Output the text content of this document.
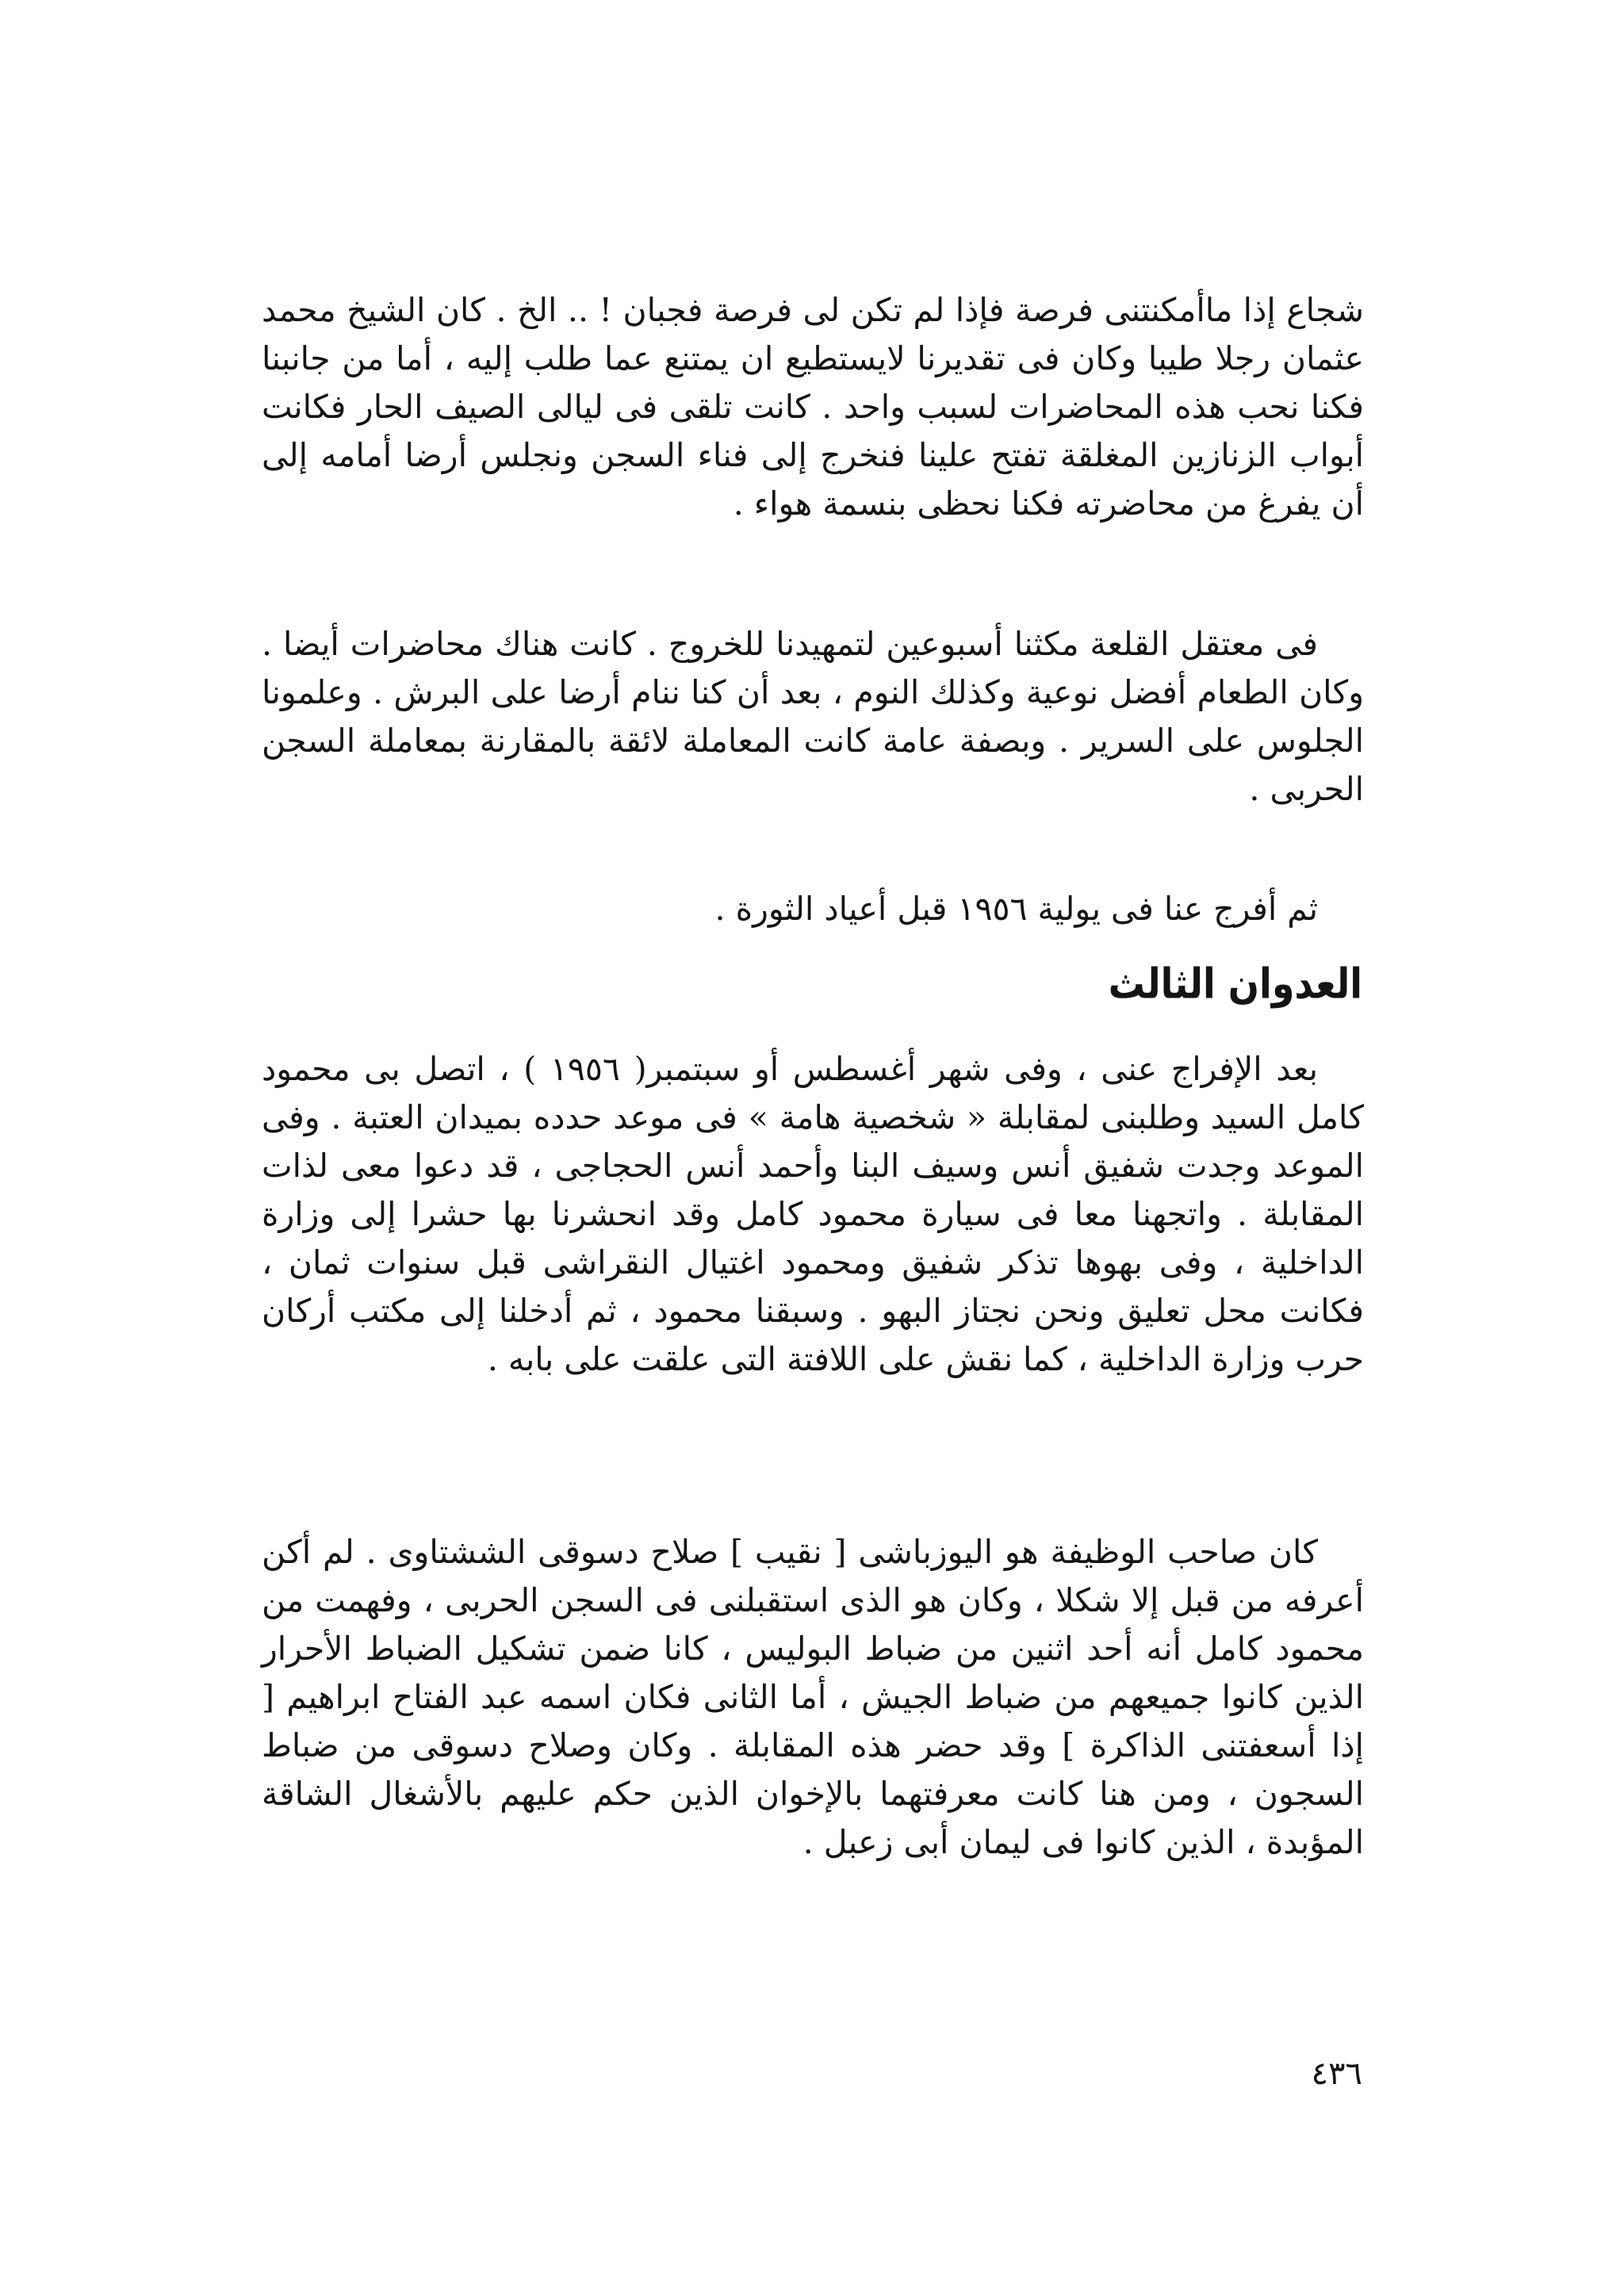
شجاع إذا ماأمكنتنى فرصة فإذا لم تكن لى فرصة فجبان ! .. الخ . كان الشيخ محمد عثمان رجلا طيبا وكان فى تقديرنا لايستطيع ان يمتنع عما طلب إليه ، أما من جانبنا فكنا نحب هذه المحاضرات لسبب واحد . كانت تلقى فى ليالى الصيف الحار فكانت أبواب الزنازين المغلقة تفتح علينا فنخرج إلى فناء السجن ونجلس أرضا أمامه إلى أن يفرغ من محاضرته فكنا نحظى بنسمة هواء .

فى معتقل القلعة مكثنا أسبوعين لتمهيدنا للخروج . كانت هناك محاضرات أيضا . وكان الطعام أفضل نوعية وكذلك النوم ، بعد أن كنا ننام أرضا على البرش . وعلمونا الجلوس على السرير . وبصفة عامة كانت المعاملة لائقة بالمقارنة بمعاملة السجن الحربى .

ثم أفرج عنا فى يولية ١٩٥٦ قبل أعياد الثورة .

العدوان الثالث

بعد الإفراج عنى ، وفى شهر أغسطس أو سبتمبر( ١٩٥٦ ) ، اتصل بى محمود كامل السيد وطلبنى لمقابلة « شخصية هامة » فى موعد حدده بميدان العتبة . وفى الموعد وجدت شفيق أنس وسيف البنا وأحمد أنس الحجاجى ، قد دعوا معى لذات المقابلة . واتجهنا معا فى سيارة محمود كامل وقد انحشرنا بها حشرا إلى وزارة الداخلية ، وفى بهوها تذكر شفيق ومحمود اغتيال النقراشى قبل سنوات ثمان ، فكانت محل تعليق ونحن نجتاز البهو . وسبقنا محمود ، ثم أدخلنا إلى مكتب أركان حرب وزارة الداخلية ، كما نقش على اللافتة التى علقت على بابه .

كان صاحب الوظيفة هو اليوزباشى [ نقيب ] صلاح دسوقى الششتاوى . لم أكن أعرفه من قبل إلا شكلا ، وكان هو الذى استقبلنى فى السجن الحربى ، وفهمت من محمود كامل أنه أحد اثنين من ضباط البوليس ، كانا ضمن تشكيل الضباط الأحرار الذين كانوا جميعهم من ضباط الجيش ، أما الثانى فكان اسمه عبد الفتاح ابراهيم [ إذا أسعفتنى الذاكرة ] وقد حضر هذه المقابلة . وكان وصلاح دسوقى من ضباط السجون ، ومن هنا كانت معرفتهما بالإخوان الذين حكم عليهم بالأشغال الشاقة المؤبدة ، الذين كانوا فى ليمان أبى زعبل .

٤٣٦
